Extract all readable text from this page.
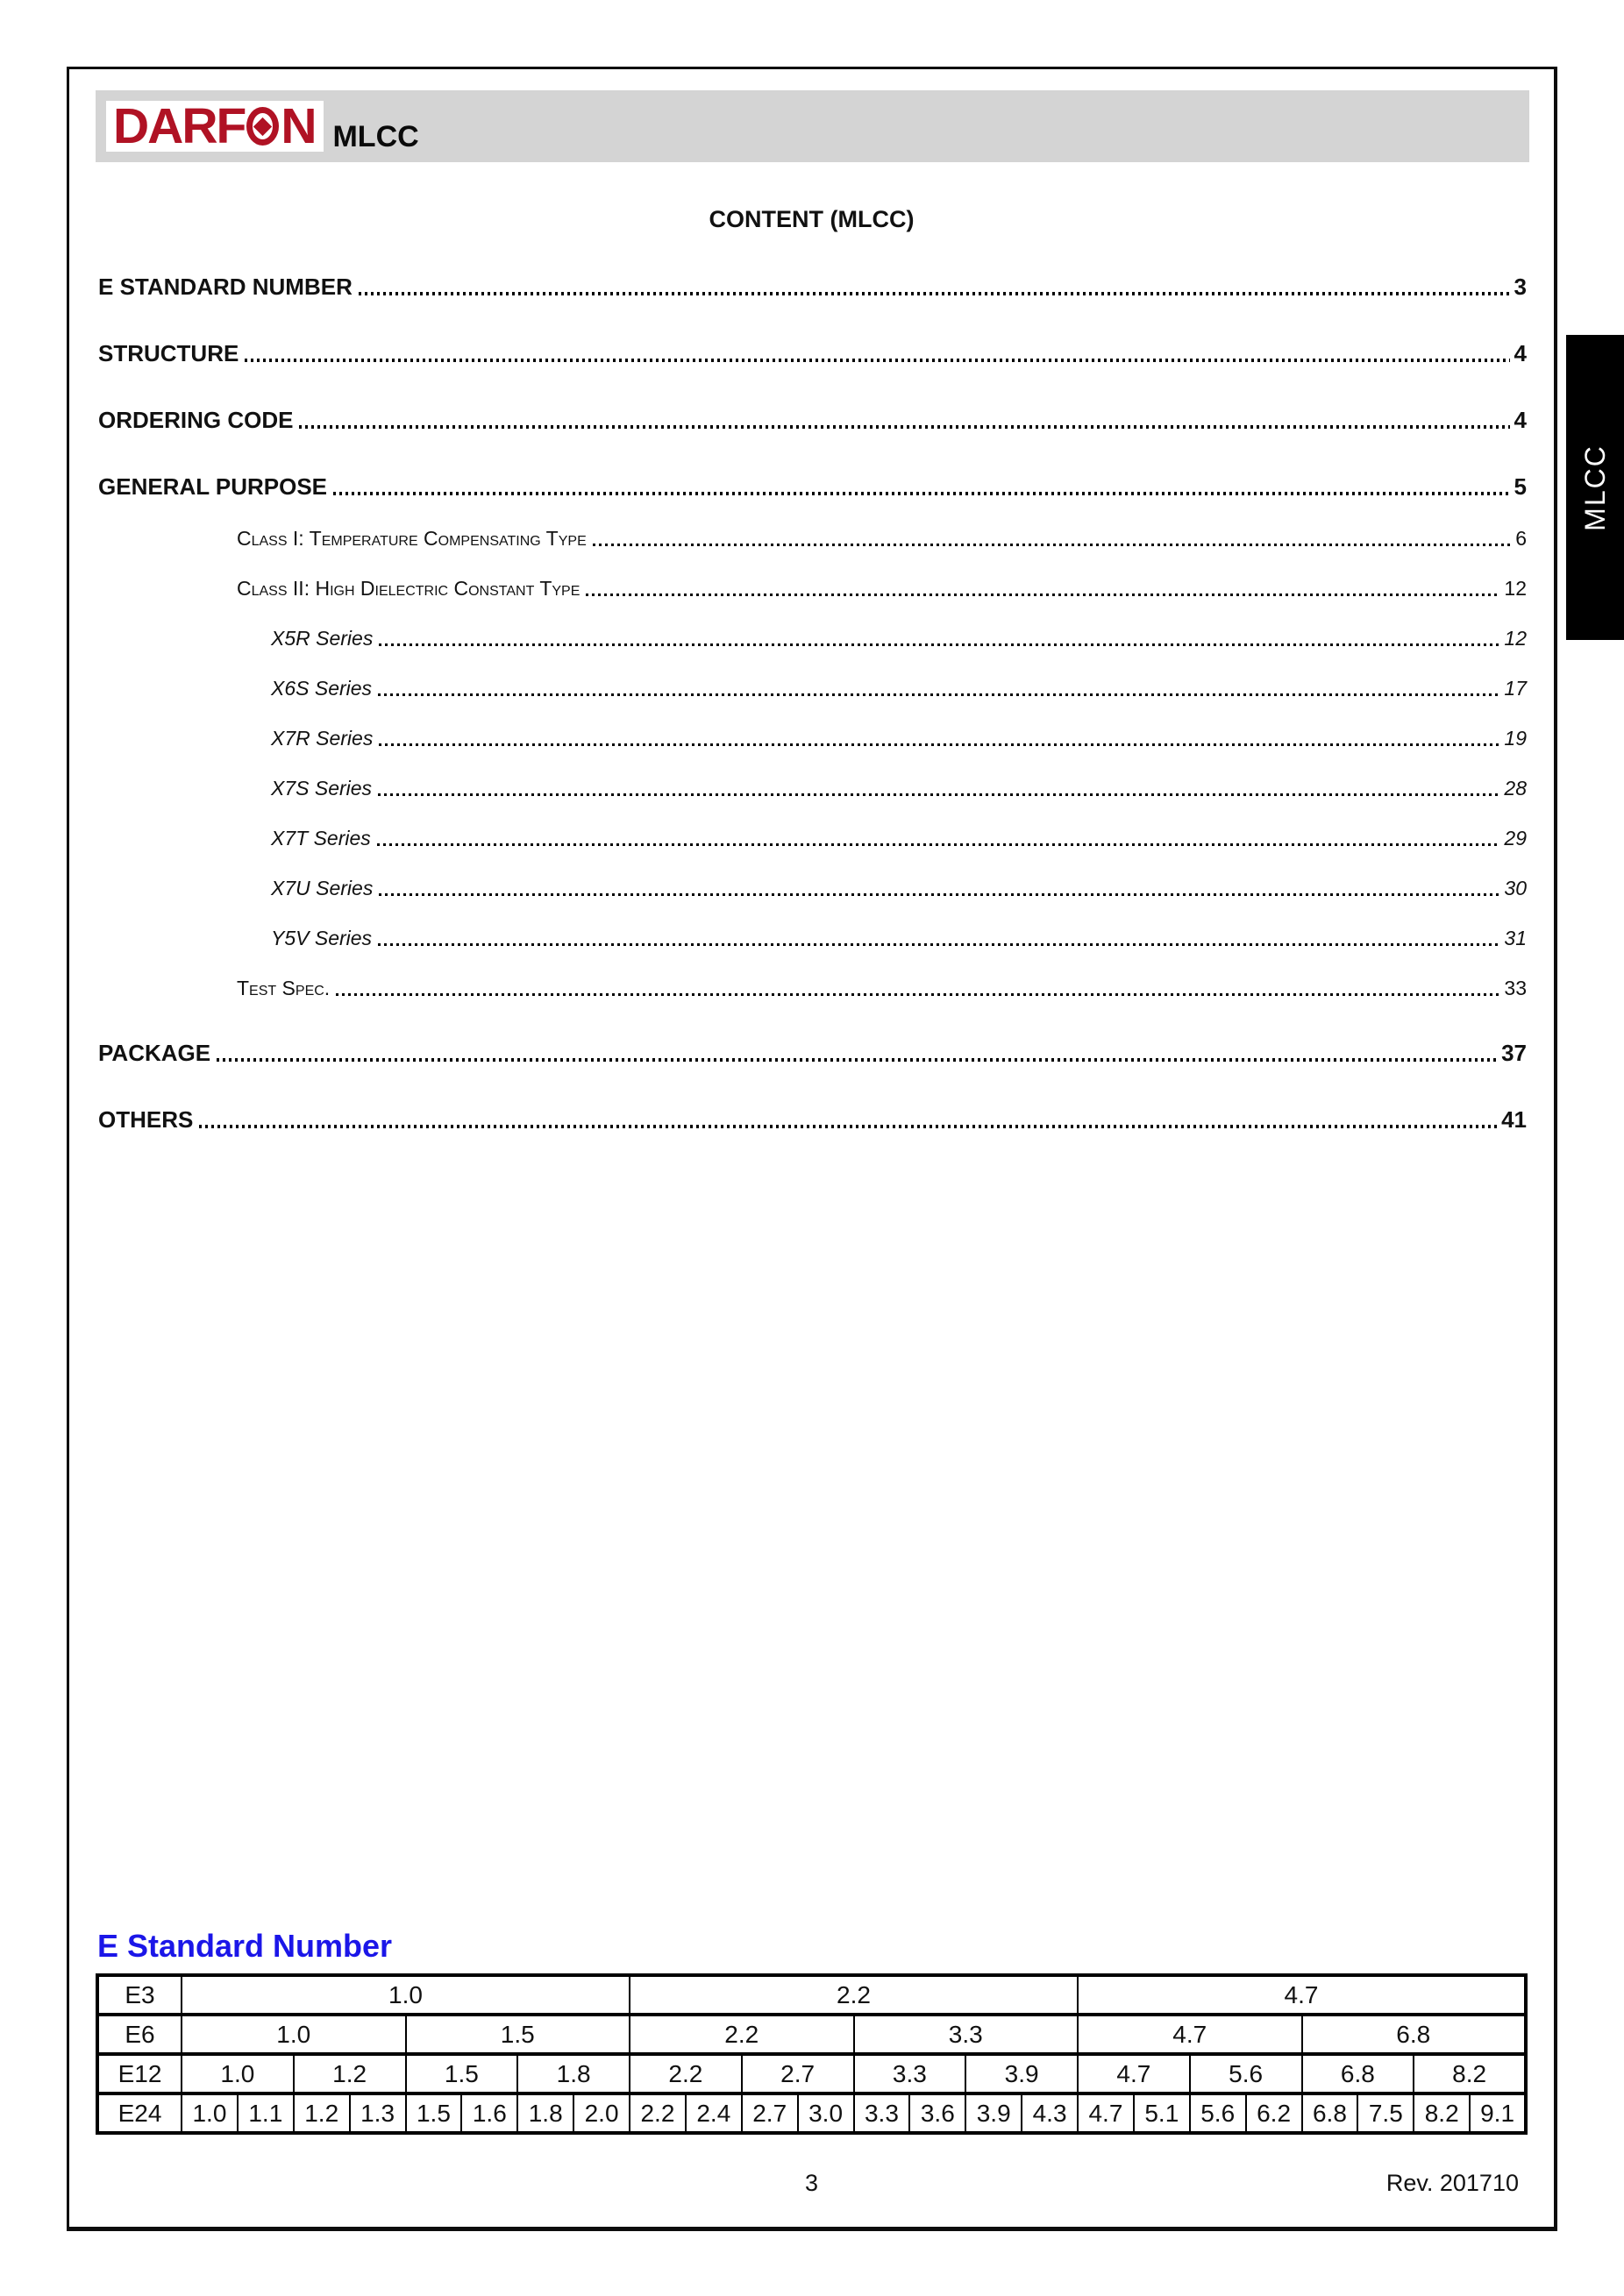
DARF N MLCC
CONTENT (MLCC)
E STANDARD NUMBER	3
STRUCTURE	4
ORDERING CODE	4
GENERAL PURPOSE	5
Class I: Temperature Compensating Type	6
Class II: High Dielectric Constant Type	12
X5R Series	12
X6S Series	17
X7R Series	19
X7S Series	28
X7T Series	29
X7U Series	30
Y5V Series	31
Test Spec.	33
PACKAGE	37
OTHERS	41
E Standard Number
E3	1.0								2.2								4.7							
E6	1.0				1.5				2.2				3.3				4.7				6.8			
E12	1.0		1.2		1.5		1.8		2.2		2.7		3.3		3.9		4.7		5.6		6.8		8.2	
E24	1.0	1.1	1.2	1.3	1.5	1.6	1.8	2.0	2.2	2.4	2.7	3.0	3.3	3.6	3.9	4.3	4.7	5.1	5.6	6.2	6.8	7.5	8.2	9.1
3	Rev. 201710
MLCC
